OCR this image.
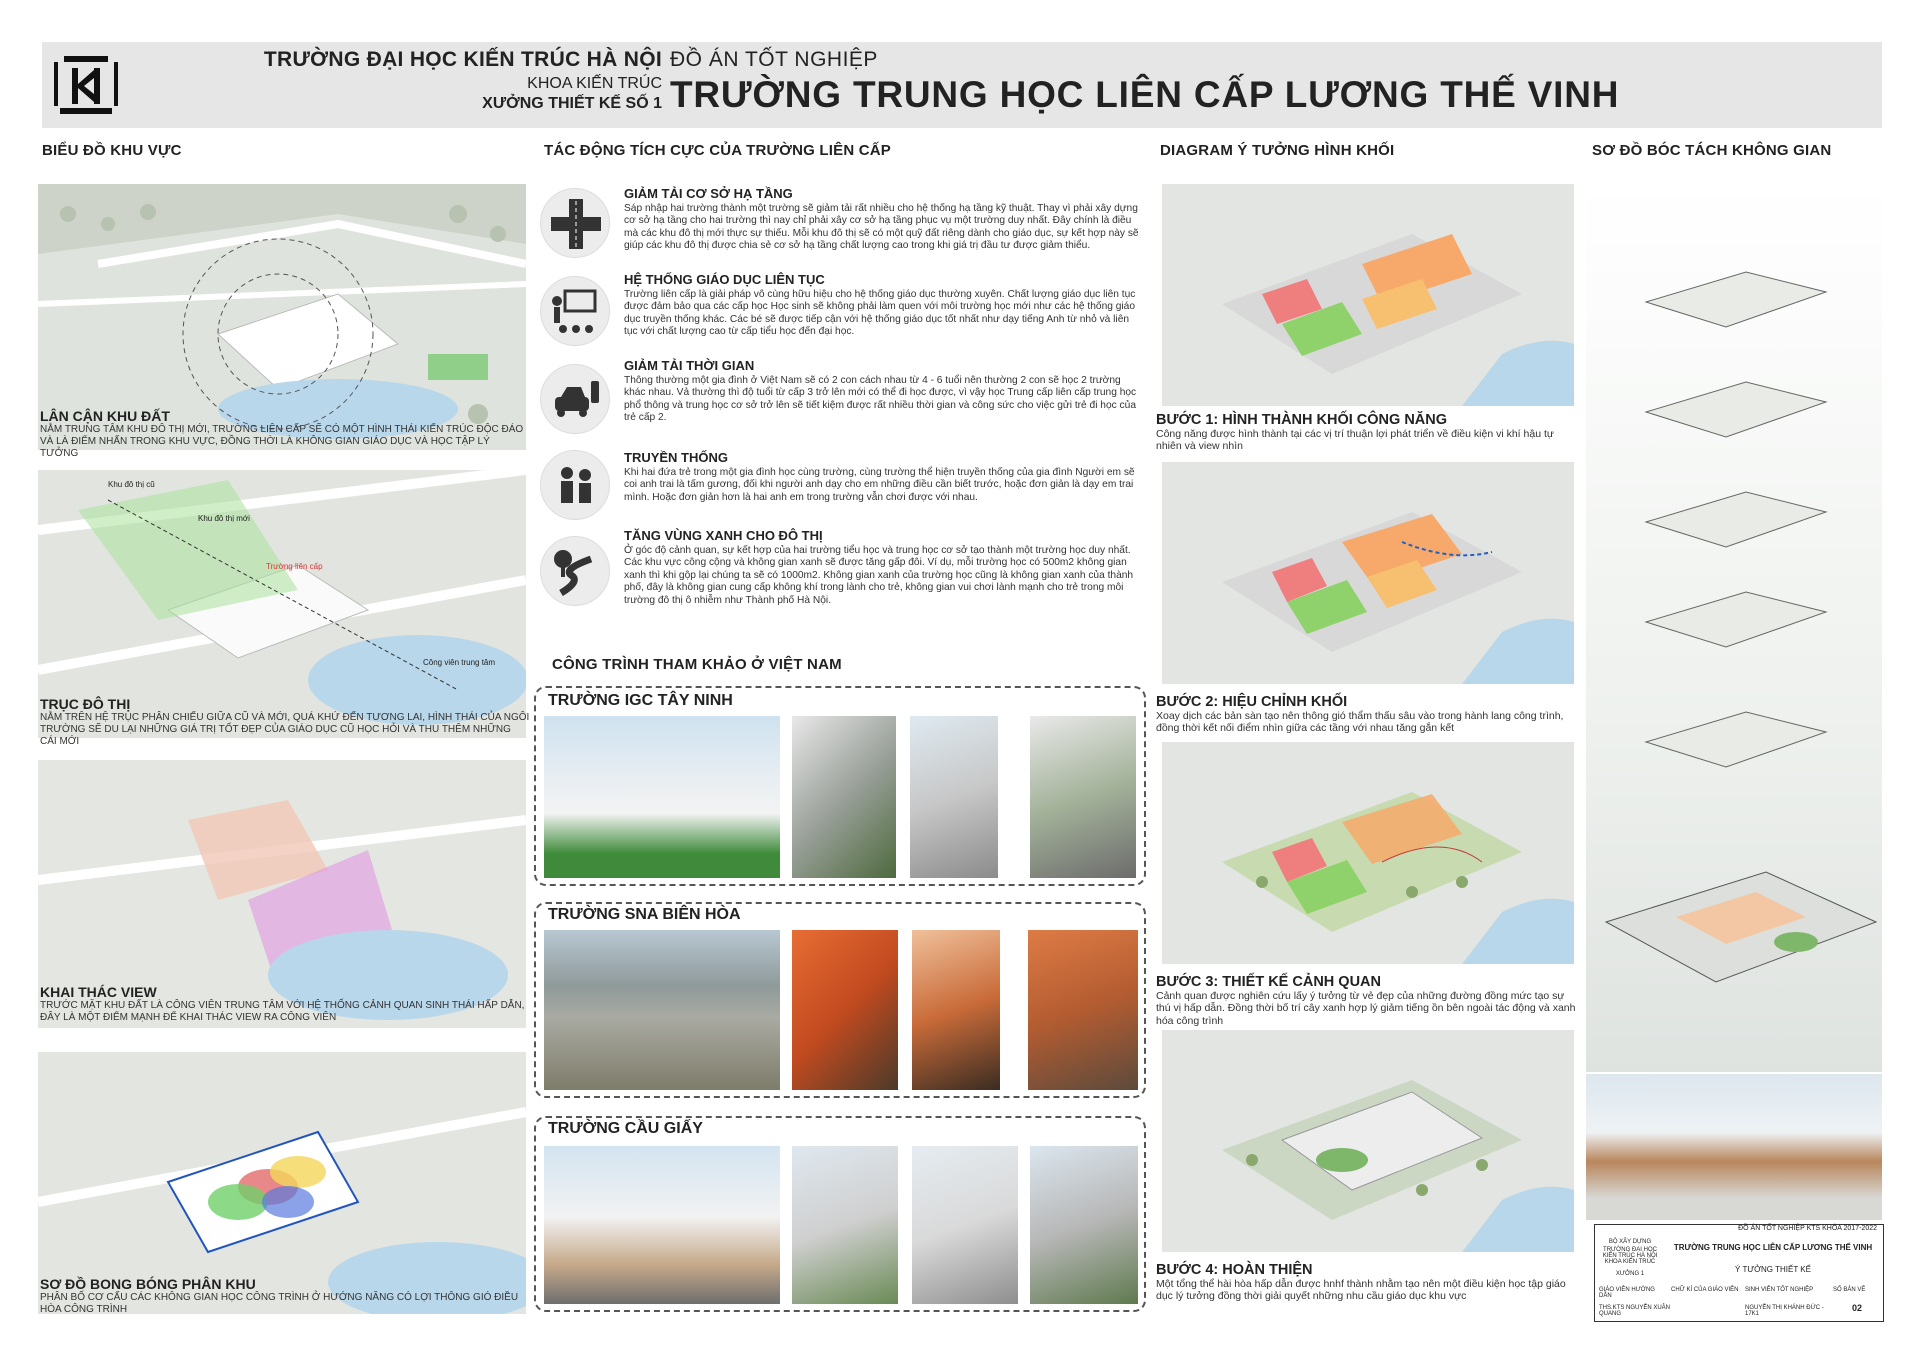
TRƯỜNG ĐẠI HỌC KIẾN TRÚC HÀ NỘI
KHOA KIẾN TRÚC
XƯỞNG THIẾT KẾ SỐ 1
ĐỒ ÁN TỐT NGHIỆP
TRƯỜNG TRUNG HỌC LIÊN CẤP LƯƠNG THẾ VINH
BIỂU ĐỒ KHU VỰC	TÁC ĐỘNG TÍCH CỰC CỦA TRƯỜNG LIÊN CẤP	DIAGRAM Ý TƯỞNG HÌNH KHỐI	SƠ ĐỒ BÓC TÁCH KHÔNG GIAN
LÂN CẬN KHU ĐẤT
NẰM TRUNG TÂM KHU ĐÔ THỊ MỚI, TRƯỜNG LIÊN CẤP SẼ CÓ MỘT HÌNH THÁI KIẾN TRÚC ĐỘC ĐÁO VÀ LÀ ĐIỂM NHẤN TRONG KHU VỰC, ĐỒNG THỜI LÀ KHÔNG GIAN GIÁO DỤC VÀ HỌC TẬP LÝ TƯỞNG
Khu đô thị cũ
Khu đô thị mới
Trường liên cấp
Công viên trung tâm
TRỤC ĐÔ THỊ
NẰM TRÊN HỆ TRỤC PHÂN CHIẾU GIỮA CŨ VÀ MỚI, QUÁ KHỨ ĐẾN TƯƠNG LAI, HÌNH THÁI CỦA NGÔI TRƯỜNG SẼ DU LẠI NHỮNG GIÁ TRỊ TỐT ĐẸP CỦA GIÁO DỤC CŨ HỌC HỎI VÀ THU THÊM NHỮNG CÁI MỚI
KHAI THÁC VIEW
TRƯỚC MẶT KHU ĐẤT LÀ CÔNG VIÊN TRUNG TÂM VỚI HỆ THỐNG CẢNH QUAN SINH THÁI HẤP DẪN, ĐÂY LÀ MỘT ĐIỂM MẠNH ĐỂ KHAI THÁC VIEW RA CÔNG VIÊN
SƠ ĐỒ BONG BÓNG PHÂN KHU
PHÂN BỐ CƠ CẤU CÁC KHÔNG GIAN HỌC CÔNG TRÌNH Ở HƯỚNG NĂNG CÓ LỢI THÔNG GIÓ ĐIỀU HÒA CÔNG TRÌNH
GIẢM TẢI CƠ SỞ HẠ TẦNG
Sáp nhập hai trường thành một trường sẽ giảm tải rất nhiều cho hệ thống hạ tầng kỹ thuật. Thay vì phải xây dựng cơ sở hạ tầng cho hai trường thì nay chỉ phải xây cơ sở hạ tầng phục vụ một trường duy nhất. Đây chính là điều mà các khu đô thị mới thực sự thiếu. Mỗi khu đô thị sẽ có một quỹ đất riêng dành cho giáo dục, sự kết hợp này sẽ giúp các khu đô thị được chia sẻ cơ sở hạ tầng chất lượng cao trong khi giá trị đầu tư được giảm thiểu.
HỆ THỐNG GIÁO DỤC LIÊN TỤC
Trường liên cấp là giải pháp vô cùng hữu hiệu cho hệ thống giáo dục thường xuyên. Chất lượng giáo dục liên tục được đảm bảo qua các cấp học Học sinh sẽ không phải làm quen với môi trường học mới như các hệ thống giáo dục truyền thống khác. Các bé sẽ được tiếp cận với hệ thống giáo dục tốt nhất như dạy tiếng Anh từ nhỏ và liên tục với chất lượng cao từ cấp tiểu học đến đại học.
GIẢM TẢI THỜI GIAN
Thông thường một gia đình ở Việt Nam sẽ có 2 con cách nhau từ 4 - 6 tuổi nên thường 2 con sẽ học 2 trường khác nhau. Vả thường thì độ tuổi từ cấp 3 trở lên mới có thể đi học được, vì vậy học Trung cấp liên cấp trung học phổ thông và trung học cơ sở trở lên sẽ tiết kiệm được rất nhiều thời gian và công sức cho việc gửi trẻ đi học của trẻ cấp 2.
TRUYỀN THỐNG
Khi hai đứa trẻ trong một gia đình học cùng trường, cùng trường thể hiện truyền thống của gia đình Người em sẽ coi anh trai là tấm gương, đối khi người anh dạy cho em những điều cần biết trước, hoặc đơn giản là dạy em trai mình. Hoặc đơn giản hơn là hai anh em trong trường vẫn chơi được với nhau.
TĂNG VÙNG XANH CHO ĐÔ THỊ
Ở góc độ cảnh quan, sự kết hợp của hai trường tiểu học và trung học cơ sở tạo thành một trường học duy nhất. Các khu vực công cộng và không gian xanh sẽ được tăng gấp đôi. Ví dụ, mỗi trường học có 500m2 không gian xanh thì khi gộp lại chúng ta sẽ có 1000m2. Không gian xanh của trường học cũng là không gian xanh của thành phố, đây là không gian cung cấp không khí trong lành cho trẻ, không gian vui chơi lành mạnh cho trẻ trong môi trường đô thị ô nhiễm như Thành phố Hà Nội.
CÔNG TRÌNH THAM KHẢO Ở VIỆT NAM
TRƯỜNG IGC TÂY NINH
TRƯỜNG SNA BIÊN HÒA
TRƯỜNG CẦU GIẤY
BƯỚC 1: HÌNH THÀNH KHỐI CÔNG NĂNG
Công năng được hình thành tại các vị trí thuận lợi phát triển về điều kiện vi khí hậu tự nhiên và view nhìn
BƯỚC 2: HIỆU CHỈNH KHỐI
Xoay dịch các bản sàn tạo nên thông gió thẩm thấu sâu vào trong hành lang công trình, đồng thời kết nối điểm nhìn giữa các tầng với nhau tăng gắn kết
BƯỚC 3: THIẾT KẾ CẢNH QUAN
Cảnh quan được nghiên cứu lấy ý tưởng từ vẻ đẹp của những đường đồng mức tạo sự thú vị hấp dẫn. Đồng thời bố trí cây xanh hợp lý giảm tiếng ồn bên ngoài tác động và xanh hóa công trình
BƯỚC 4: HOÀN THIỆN
Một tổng thể hài hòa hấp dẫn được hnhf thành nhằm tạo nên một điều kiện học tập giáo dục lý tưởng đồng thời giải quyết những nhu cầu giáo dục khu vực
ĐỒ ÁN TỐT NGHIỆP KTS KHÓA 2017-2022
BỘ XÂY DỰNG
TRƯỜNG ĐẠI HỌC KIẾN TRÚC HÀ NỘI
KHOA KIẾN TRÚC
XƯỞNG 1
TRƯỜNG TRUNG HỌC LIÊN CẤP LƯƠNG THẾ VINH
Ý TƯỞNG THIẾT KẾ
GIÁO VIÊN HƯỚNG DẪN
CHỮ KÍ CỦA GIÁO VIÊN	SINH VIÊN TỐT NGHIỆP	SỐ BẢN VẼ
THS.KTS NGUYỄN XUÂN QUANG
NGUYỄN THỊ KHÁNH ĐỨC - 17K1
02
